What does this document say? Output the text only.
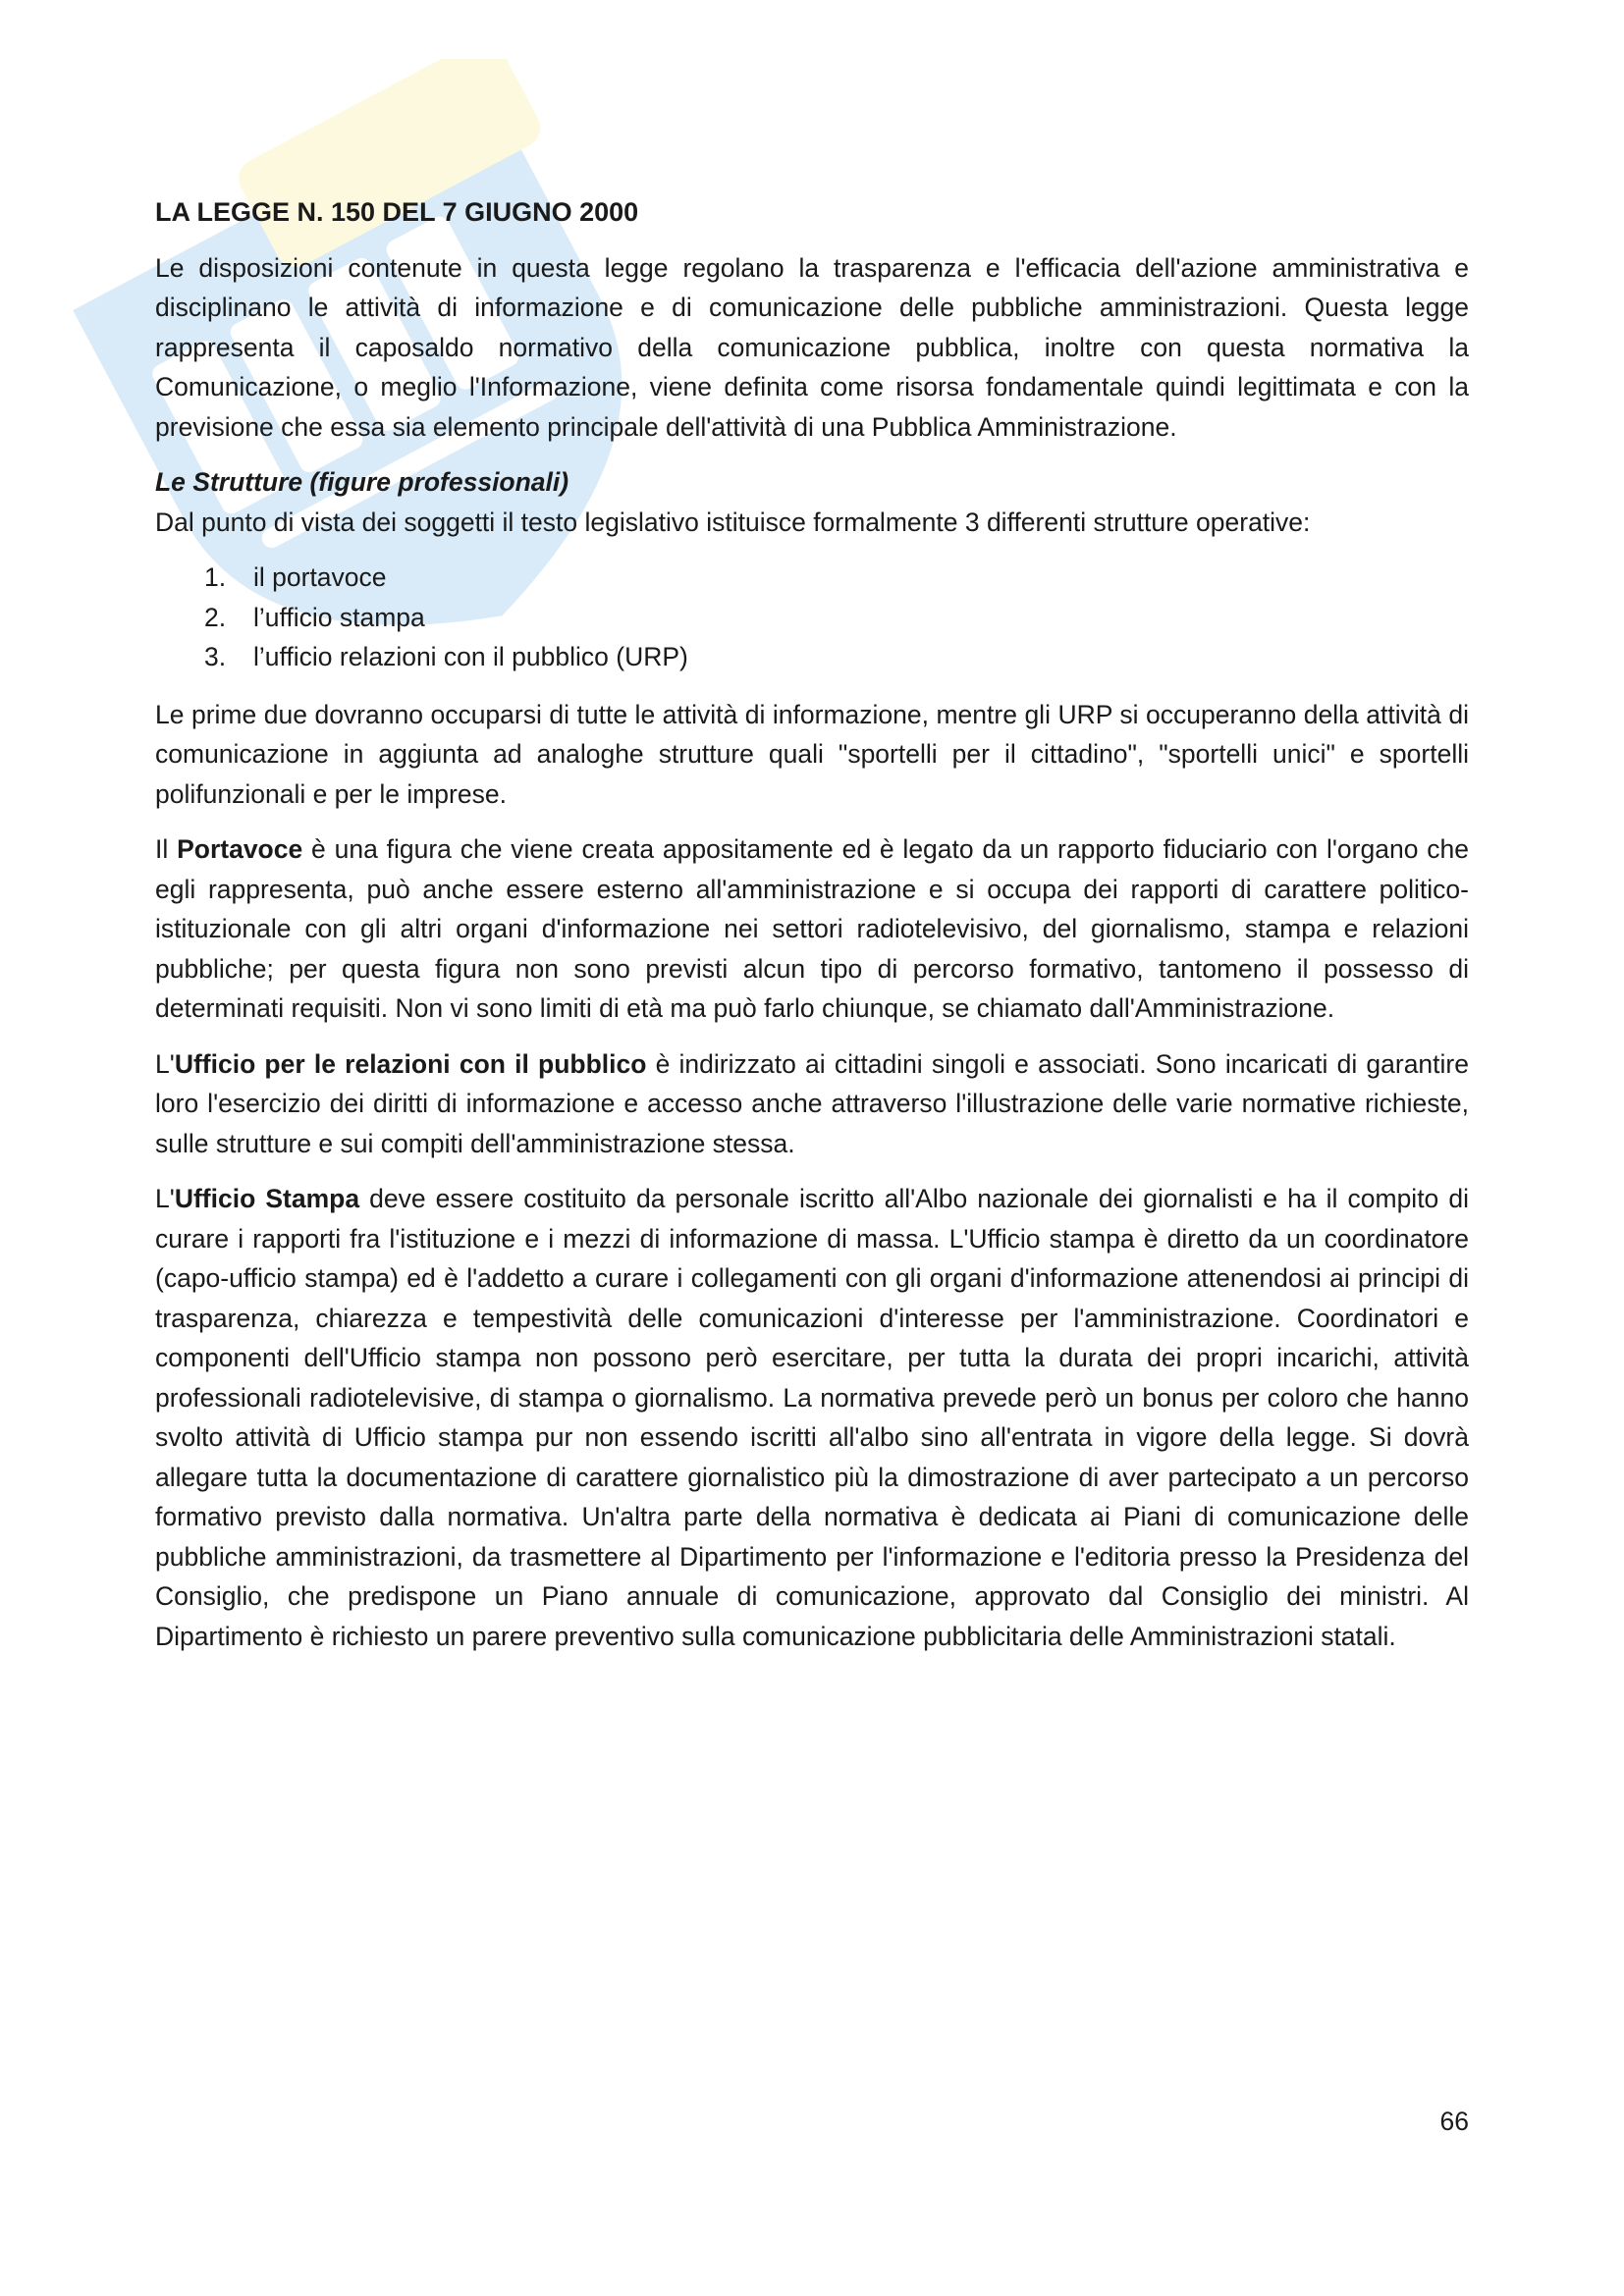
LA LEGGE N. 150 DEL 7 GIUGNO 2000

Le disposizioni contenute in questa legge regolano la trasparenza e l'efficacia dell'azione amministrativa e disciplinano le attività di informazione e di comunicazione delle pubbliche amministrazioni. Questa legge rappresenta il caposaldo normativo della comunicazione pubblica, inoltre con questa normativa la Comunicazione, o meglio l'Informazione, viene definita come risorsa fondamentale quindi legittimata e con la previsione che essa sia elemento principale dell'attività di una Pubblica Amministrazione.

Le Strutture (figure professionali)
Dal punto di vista dei soggetti il testo legislativo istituisce formalmente 3 differenti strutture operative:
1.	il portavoce
2.	l’ufficio stampa
3.	l’ufficio relazioni con il pubblico (URP)

Le prime due dovranno occuparsi di tutte le attività di informazione, mentre gli URP si occuperanno della attività di comunicazione in aggiunta ad analoghe strutture quali "sportelli per il cittadino", "sportelli unici" e sportelli polifunzionali e per le imprese.

Il Portavoce è una figura che viene creata appositamente ed è legato da un rapporto fiduciario con l'organo che egli rappresenta, può anche essere esterno all'amministrazione e si occupa dei rapporti di carattere politico-istituzionale con gli altri organi d'informazione nei settori radiotelevisivo, del giornalismo, stampa e relazioni pubbliche; per questa figura non sono previsti alcun tipo di percorso formativo, tantomeno il possesso di determinati requisiti. Non vi sono limiti di età ma può farlo chiunque, se chiamato dall'Amministrazione.

L'Ufficio per le relazioni con il pubblico è indirizzato ai cittadini singoli e associati. Sono incaricati di garantire loro l'esercizio dei diritti di informazione e accesso anche attraverso l'illustrazione delle varie normative richieste, sulle strutture e sui compiti dell'amministrazione stessa.

L'Ufficio Stampa deve essere costituito da personale iscritto all'Albo nazionale dei giornalisti e ha il compito di curare i rapporti fra l'istituzione e i mezzi di informazione di massa. L'Ufficio stampa è diretto da un coordinatore (capo-ufficio stampa) ed è l'addetto a curare i collegamenti con gli organi d'informazione attenendosi ai principi di trasparenza, chiarezza e tempestività delle comunicazioni d'interesse per l'amministrazione. Coordinatori e componenti dell'Ufficio stampa non possono però esercitare, per tutta la durata dei propri incarichi, attività professionali radiotelevisive, di stampa o giornalismo. La normativa prevede però un bonus per coloro che hanno svolto attività di Ufficio stampa pur non essendo iscritti all'albo sino all'entrata in vigore della legge. Si dovrà allegare tutta la documentazione di carattere giornalistico più la dimostrazione di aver partecipato a un percorso formativo previsto dalla normativa. Un'altra parte della normativa è dedicata ai Piani di comunicazione delle pubbliche amministrazioni, da trasmettere al Dipartimento per l'informazione e l'editoria presso la Presidenza del Consiglio, che predispone un Piano annuale di comunicazione, approvato dal Consiglio dei ministri. Al Dipartimento è richiesto un parere preventivo sulla comunicazione pubblicitaria delle Amministrazioni statali.

66
